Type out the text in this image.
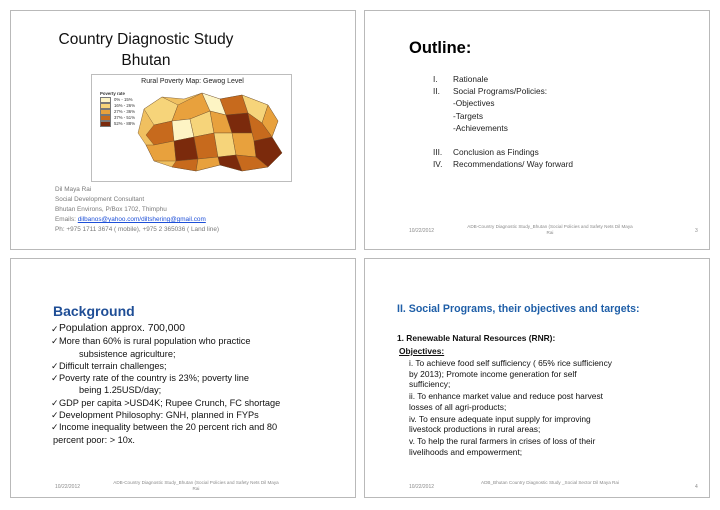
Country Diagnostic Study
Bhutan
Rural Poverty Map: Gewog Level
Poverty rate
0% - 15%
16% - 26%
27% - 36%
37% - 51%
52% - 88%
Dil Maya Rai
Social Development Consultant
Bhutan Environs, P/Box 1702, Thimphu
Emails: dilbanos@yahoo.com/diltshering@gmail.com
Ph: +975 1711 3674 ( mobile), +975 2 365036 ( Land line)
Outline:
I.	Rationale
II.	Social Programs/Policies:
-Objectives
-Targets
-Achievements
III.	Conclusion as Findings
IV.	Recommendations/ Way forward
10/22/2012
ADB-Country Diagnostic Study_Bhutan (Social Policies and Safety Nets Dil Maya Rai	3
Background
✓ Population approx. 700,000
✓ More than 60% is rural population who practice
subsistence agriculture;
✓ Difficult terrain challenges;
✓ Poverty rate of the country is 23%; poverty line
being 1.25USD/day;
✓ GDP per capita >USD4K; Rupee Crunch, FC shortage
✓ Development Philosophy: GNH, planned in FYPs
✓ Income inequality between the 20 percent rich and 80
percent poor: > 10x.
10/22/2012
ADB-Country Diagnostic Study_Bhutan (Social Policies and Safety Nets Dil Maya Rai
II. Social Programs, their objectives and targets:
1. Renewable Natural Resources (RNR):
Objectives:
i. To achieve food self sufficiency ( 65% rice sufficiency
by 2013); Promote income generation for self
sufficiency;
ii. To enhance market value and reduce post harvest
losses of all agri-products;
iv. To ensure adequate input supply for improving
livestock productions in rural areas;
v. To help the rural farmers in crises of loss of their
livelihoods and empowerment;
10/22/2012
ADB_Bhutan Country Diagnostic Study _Social Sector Dil Maya Rai
4
